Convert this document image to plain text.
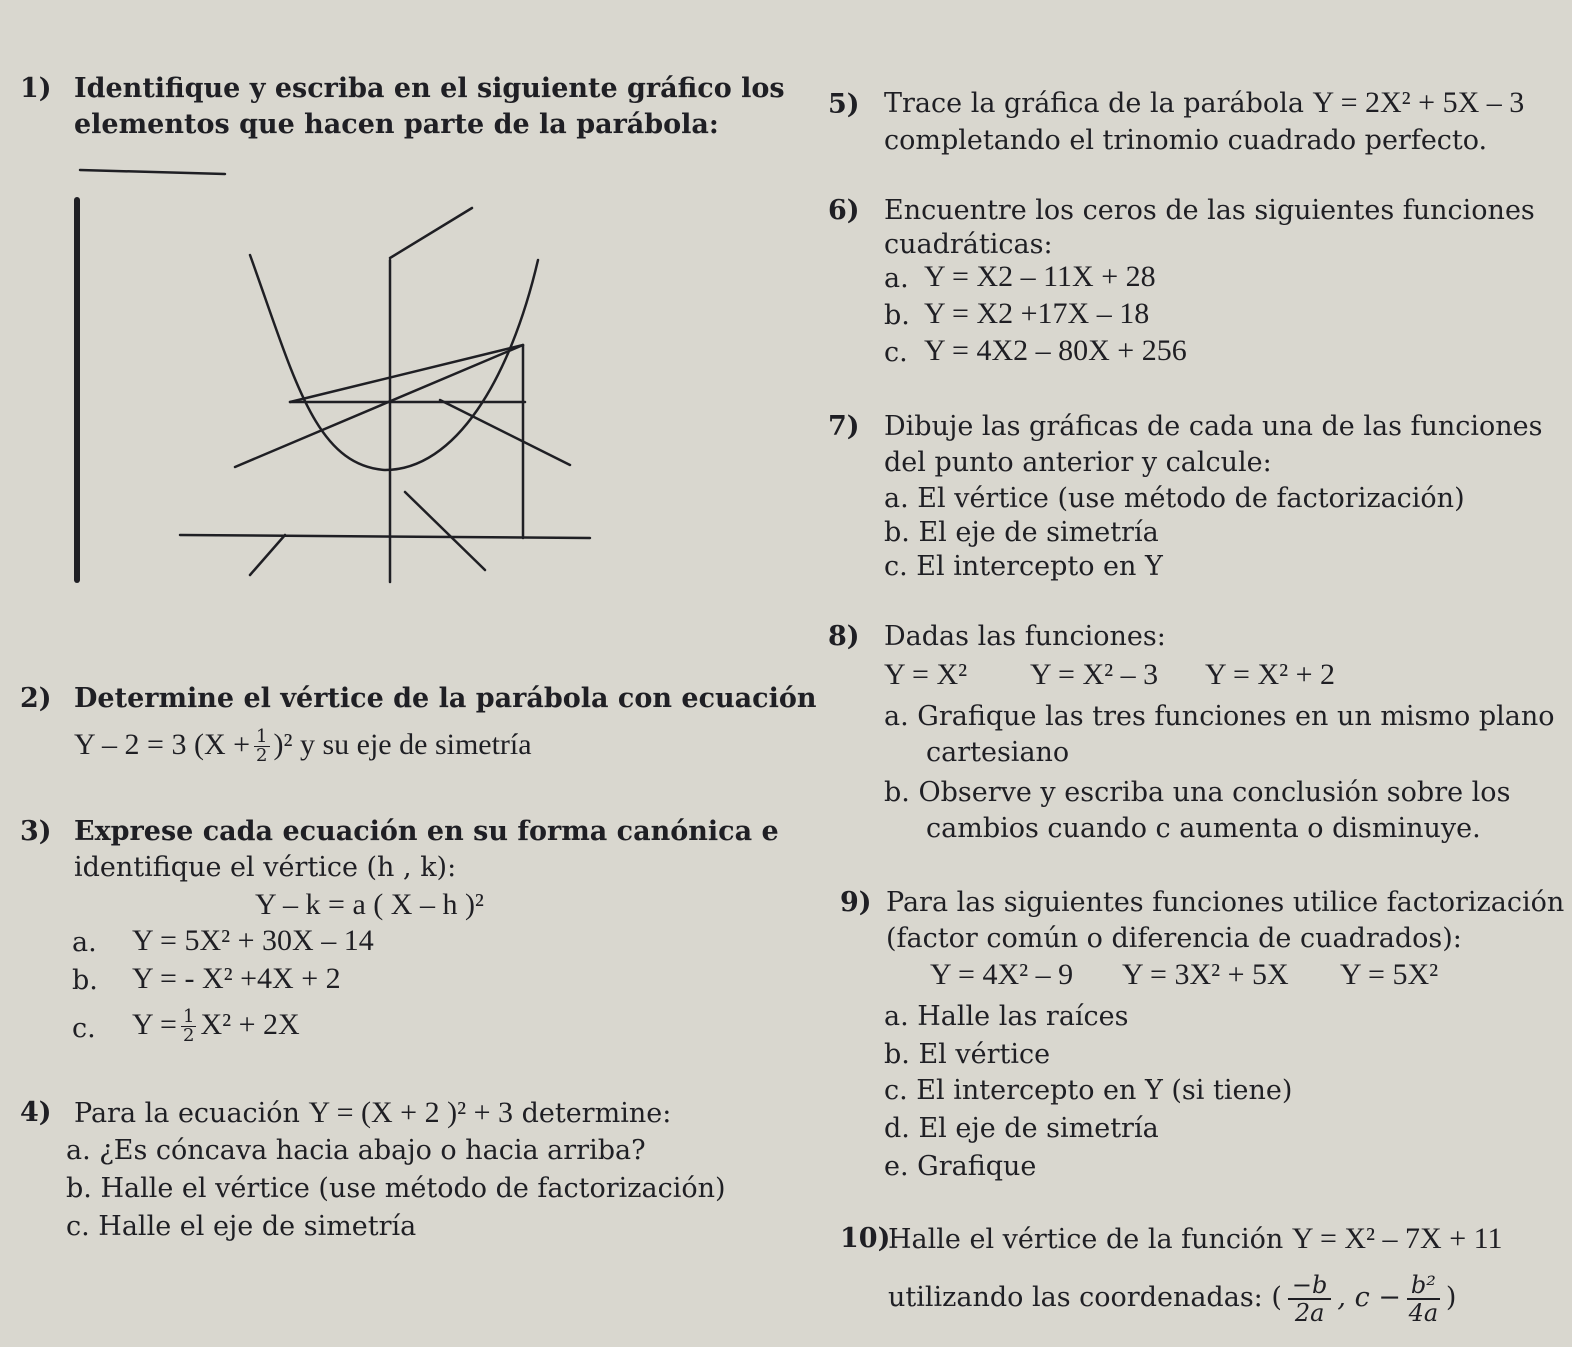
1) Identifique y escriba en el siguiente gráfico los
elementos que hacen parte de la parábola:
2) Determine el vértice de la parábola con ecuación
Y – 2 = 3 $(X + \frac{1}{2} )^2$ y su eje de simetría
3) Exprese cada ecuación en su forma canónica e
identifique el vértice (h , k):
Y – k = a ( X – h )²
a. Y = 5X² + 30X – 14
b. Y = - X² +4X + 2
c. $Y = \frac{1}{2} X^2 + 2X$
4) Para la ecuación Y = (X + 2 )² + 3 determine:
a. ¿Es cóncava hacia abajo o hacia arriba?
b. Halle el vértice (use método de factorización)
c. Halle el eje de simetría
5) Trace la gráfica de la parábola Y = 2X² + 5X – 3
completando el trinomio cuadrado perfecto.
6) Encuentre los ceros de las siguientes funciones
cuadráticas:
a. Y = X2 – 11X + 28
b. Y = X2 +17X – 18
c. Y = 4X2 – 80X + 256
7) Dibuje las gráficas de cada una de las funciones
del punto anterior y calcule:
a. El vértice (use método de factorización)
b. El eje de simetría
c. El intercepto en Y
8) Dadas las funciones:
Y = X² Y = X² – 3 Y = X² + 2
a. Grafique las tres funciones en un mismo plano
cartesiano
b. Observe y escriba una conclusión sobre los
cambios cuando c aumenta o disminuye.
9) Para las siguientes funciones utilice factorización
(factor común o diferencia de cuadrados):
Y = 4X² – 9 Y = 3X² + 5X Y = 5X²
a. Halle las raíces
b. El vértice
c. El intercepto en Y (si tiene)
d. El eje de simetría
e. Grafique
10)
Halle el vértice de la función Y = X² – 7X + 11
utilizando las coordenadas: ( $\frac{-b}{2a}$ , $c - \frac{\text{b²}}{4a}$ )
